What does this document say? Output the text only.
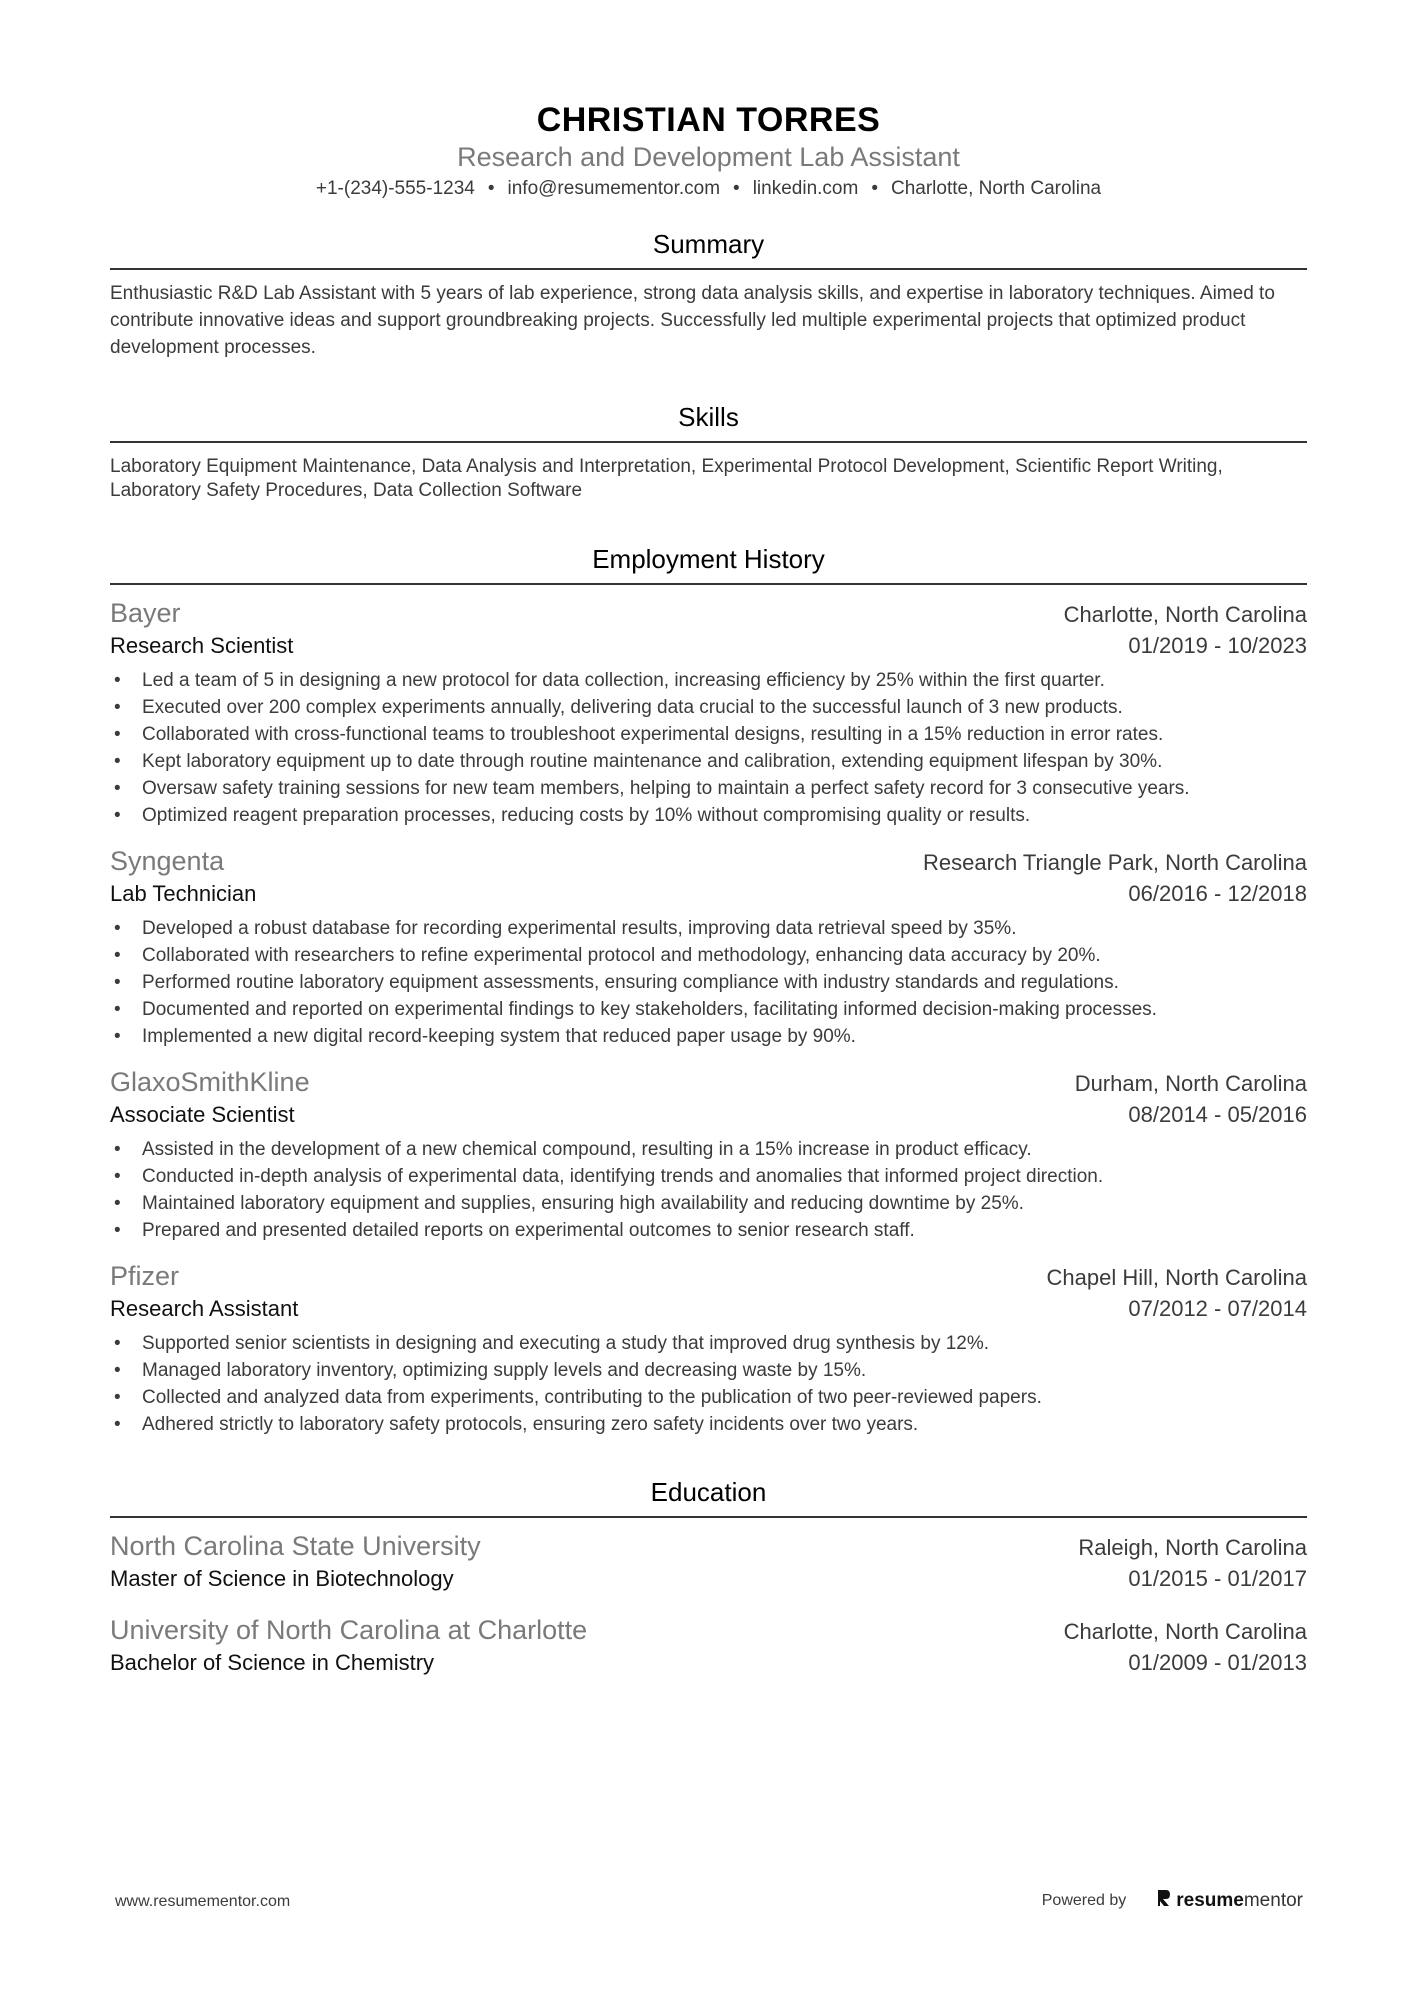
CHRISTIAN TORRES
Research and Development Lab Assistant
+1-(234)-555-1234 • info@resumementor.com • linkedin.com • Charlotte, North Carolina
Summary
Enthusiastic R&D Lab Assistant with 5 years of lab experience, strong data analysis skills, and expertise in laboratory techniques. Aimed to contribute innovative ideas and support groundbreaking projects. Successfully led multiple experimental projects that optimized product development processes.
Skills
Laboratory Equipment Maintenance, Data Analysis and Interpretation, Experimental Protocol Development, Scientific Report Writing, Laboratory Safety Procedures, Data Collection Software
Employment History
Bayer	Charlotte, North Carolina
Research Scientist	01/2019 - 10/2023
• Led a team of 5 in designing a new protocol for data collection, increasing efficiency by 25% within the first quarter.
• Executed over 200 complex experiments annually, delivering data crucial to the successful launch of 3 new products.
• Collaborated with cross-functional teams to troubleshoot experimental designs, resulting in a 15% reduction in error rates.
• Kept laboratory equipment up to date through routine maintenance and calibration, extending equipment lifespan by 30%.
• Oversaw safety training sessions for new team members, helping to maintain a perfect safety record for 3 consecutive years.
• Optimized reagent preparation processes, reducing costs by 10% without compromising quality or results.
Syngenta	Research Triangle Park, North Carolina
Lab Technician	06/2016 - 12/2018
• Developed a robust database for recording experimental results, improving data retrieval speed by 35%.
• Collaborated with researchers to refine experimental protocol and methodology, enhancing data accuracy by 20%.
• Performed routine laboratory equipment assessments, ensuring compliance with industry standards and regulations.
• Documented and reported on experimental findings to key stakeholders, facilitating informed decision-making processes.
• Implemented a new digital record-keeping system that reduced paper usage by 90%.
GlaxoSmithKline	Durham, North Carolina
Associate Scientist	08/2014 - 05/2016
• Assisted in the development of a new chemical compound, resulting in a 15% increase in product efficacy.
• Conducted in-depth analysis of experimental data, identifying trends and anomalies that informed project direction.
• Maintained laboratory equipment and supplies, ensuring high availability and reducing downtime by 25%.
• Prepared and presented detailed reports on experimental outcomes to senior research staff.
Pfizer	Chapel Hill, North Carolina
Research Assistant	07/2012 - 07/2014
• Supported senior scientists in designing and executing a study that improved drug synthesis by 12%.
• Managed laboratory inventory, optimizing supply levels and decreasing waste by 15%.
• Collected and analyzed data from experiments, contributing to the publication of two peer-reviewed papers.
• Adhered strictly to laboratory safety protocols, ensuring zero safety incidents over two years.
Education
North Carolina State University	Raleigh, North Carolina
Master of Science in Biotechnology	01/2015 - 01/2017
University of North Carolina at Charlotte	Charlotte, North Carolina
Bachelor of Science in Chemistry	01/2009 - 01/2013
www.resumementor.com	Powered by	resume mentor
